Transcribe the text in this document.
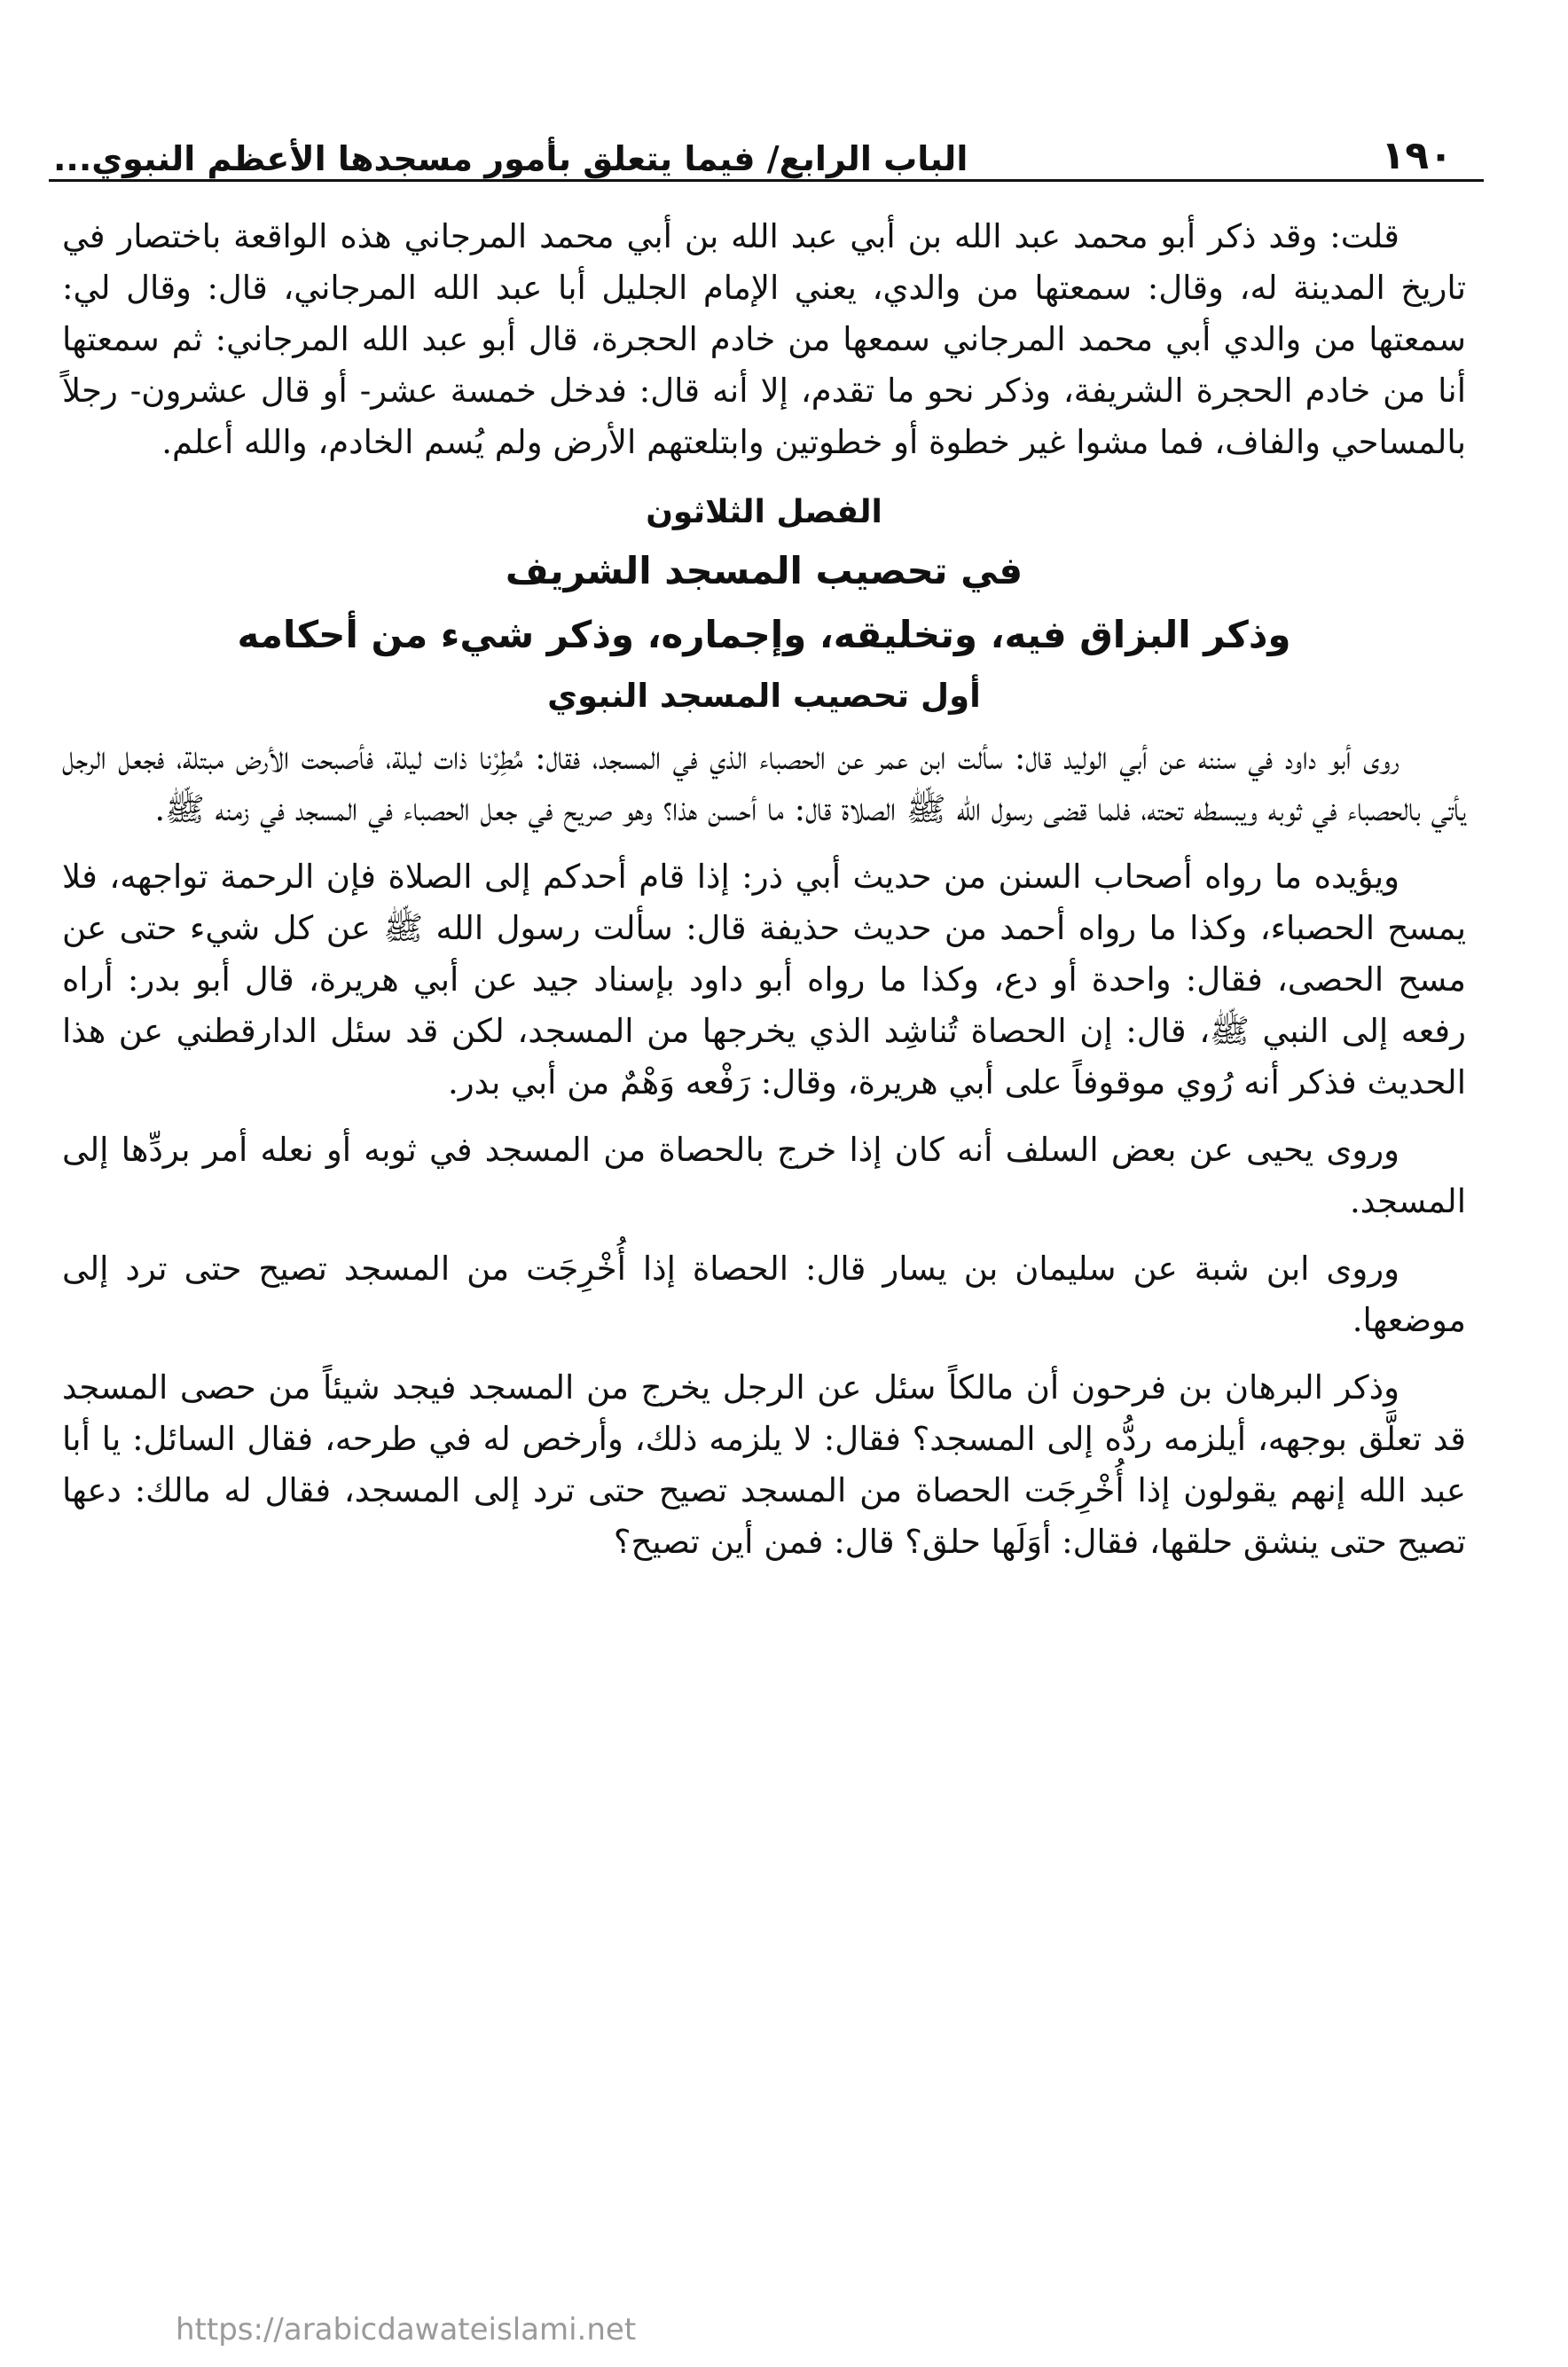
١٩٠
الباب الرابع/ فيما يتعلق بأمور مسجدها الأعظم النبوي...

قلت: وقد ذكر أبو محمد عبد الله بن أبي عبد الله بن أبي محمد المرجاني هذه الواقعة باختصار في تاريخ المدينة له، وقال: سمعتها من والدي، يعني الإمام الجليل أبا عبد الله المرجاني، قال: وقال لي: سمعتها من والدي أبي محمد المرجاني سمعها من خادم الحجرة، قال أبو عبد الله المرجاني: ثم سمعتها أنا من خادم الحجرة الشريفة، وذكر نحو ما تقدم، إلا أنه قال: فدخل خمسة عشر- أو قال عشرون- رجلاً بالمساحي والفاف، فما مشوا غير خطوة أو خطوتين وابتلعتهم الأرض ولم يُسم الخادم، والله أعلم.

الفصل الثلاثون
في تحصيب المسجد الشريف
وذكر البزاق فيه، وتخليقه، وإجماره، وذكر شيء من أحكامه
أول تحصيب المسجد النبوي

روى أبو داود في سننه عن أبي الوليد قال: سألت ابن عمر عن الحصباء الذي في المسجد، فقال: مُطِرْنا ذات ليلة، فأصبحت الأرض مبتلة، فجعل الرجل يأتي بالحصباء في ثوبه ويبسطه تحته، فلما قضى رسول الله ﷺ الصلاة قال: ما أحسن هذا؟ وهو صريح في جعل الحصباء في المسجد في زمنه ﷺ.

ويؤيده ما رواه أصحاب السنن من حديث أبي ذر: إذا قام أحدكم إلى الصلاة فإن الرحمة تواجهه، فلا يمسح الحصباء، وكذا ما رواه أحمد من حديث حذيفة قال: سألت رسول الله ﷺ عن كل شيء حتى عن مسح الحصى، فقال: واحدة أو دع، وكذا ما رواه أبو داود بإسناد جيد عن أبي هريرة، قال أبو بدر: أراه رفعه إلى النبي ﷺ، قال: إن الحصاة تُناشِد الذي يخرجها من المسجد، لكن قد سئل الدارقطني عن هذا الحديث فذكر أنه رُوي موقوفاً على أبي هريرة، وقال: رَفْعه وَهْمٌ من أبي بدر.

وروى يحيى عن بعض السلف أنه كان إذا خرج بالحصاة من المسجد في ثوبه أو نعله أمر بردِّها إلى المسجد.

وروى ابن شبة عن سليمان بن يسار قال: الحصاة إذا أُخْرِجَت من المسجد تصيح حتى ترد إلى موضعها.

وذكر البرهان بن فرحون أن مالكاً سئل عن الرجل يخرج من المسجد فيجد شيئاً من حصى المسجد قد تعلَّق بوجهه، أيلزمه ردُّه إلى المسجد؟ فقال: لا يلزمه ذلك، وأرخص له في طرحه، فقال السائل: يا أبا عبد الله إنهم يقولون إذا أُخْرِجَت الحصاة من المسجد تصيح حتى ترد إلى المسجد، فقال له مالك: دعها تصيح حتى ينشق حلقها، فقال: أوَلَها حلق؟ قال: فمن أين تصيح؟

https://arabicdawateislami.net
